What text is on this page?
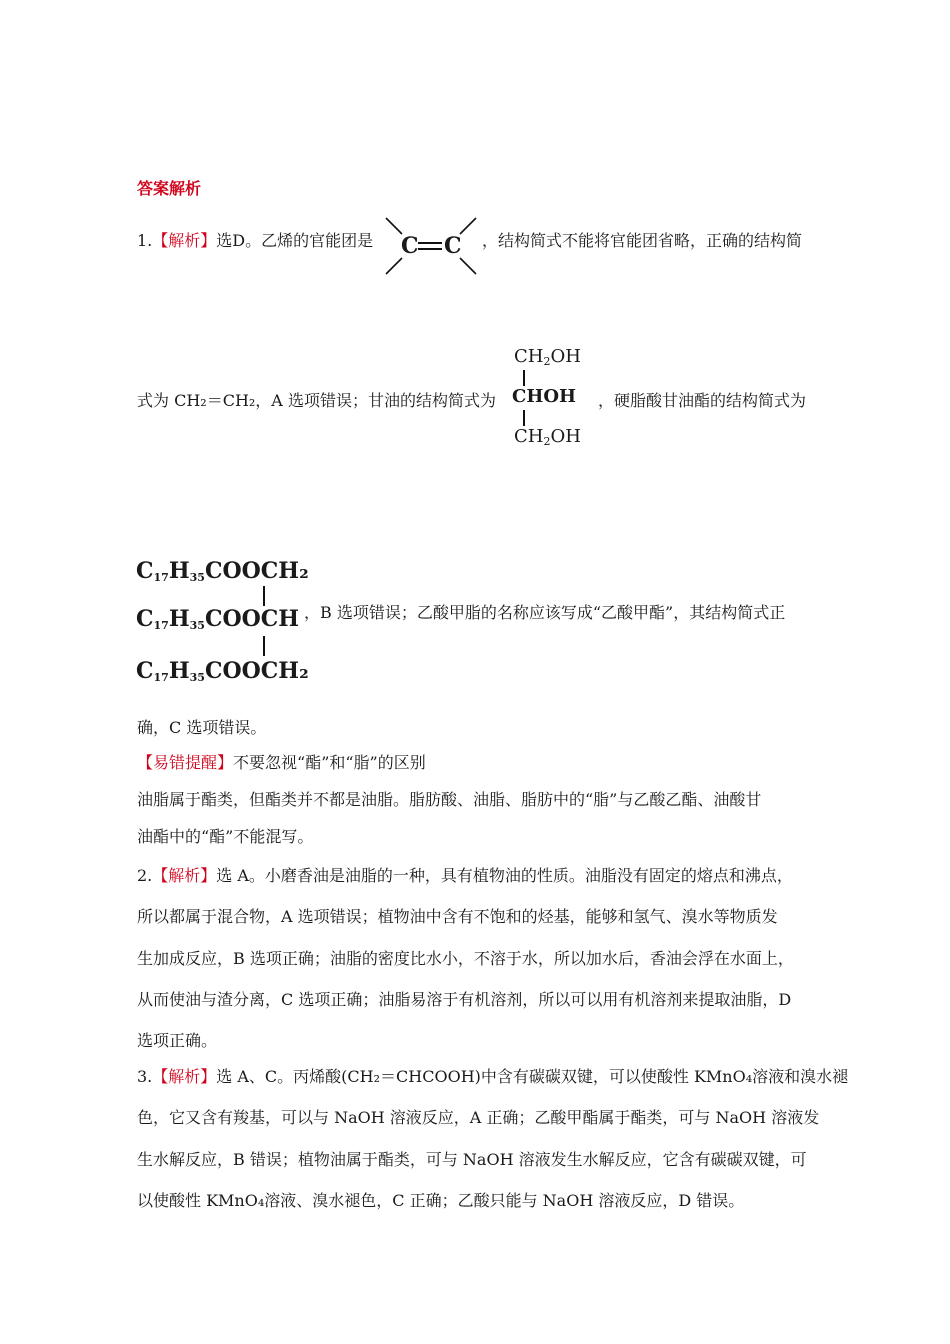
答案解析
1.【解析】选D。乙烯的官能团是 C C ，结构简式不能将官能团省略，正确的结构简
$CH_2OH$
CHOH
$CH_2OH$
式为 CH₂＝CH₂，A 选项错误；甘油的结构简式为	，硬脂酸甘油酯的结构简式为
$C_{17}H_{35}COOCH_2$
$C_{17}H_{35}COOCH$
$C_{17}H_{35}COOCH_2$
，B 选项错误；乙酸甲脂的名称应该写成“乙酸甲酯”，其结构简式正
确，C 选项错误。
【易错提醒】不要忽视“酯”和“脂”的区别
油脂属于酯类，但酯类并不都是油脂。脂肪酸、油脂、脂肪中的“脂”与乙酸乙酯、油酸甘
油酯中的“酯”不能混写。
2.【解析】选 A。小磨香油是油脂的一种，具有植物油的性质。油脂没有固定的熔点和沸点，
所以都属于混合物，A 选项错误；植物油中含有不饱和的烃基，能够和氢气、溴水等物质发
生加成反应，B 选项正确；油脂的密度比水小，不溶于水，所以加水后，香油会浮在水面上，
从而使油与渣分离，C 选项正确；油脂易溶于有机溶剂，所以可以用有机溶剂来提取油脂，D
选项正确。
3.【解析】选 A、C。丙烯酸(CH₂＝CHCOOH)中含有碳碳双键，可以使酸性 KMnO₄溶液和溴水褪
色，它又含有羧基，可以与 NaOH 溶液反应，A 正确；乙酸甲酯属于酯类，可与 NaOH 溶液发
生水解反应，B 错误；植物油属于酯类，可与 NaOH 溶液发生水解反应，它含有碳碳双键，可
以使酸性 KMnO₄溶液、溴水褪色，C 正确；乙酸只能与 NaOH 溶液反应，D 错误。
